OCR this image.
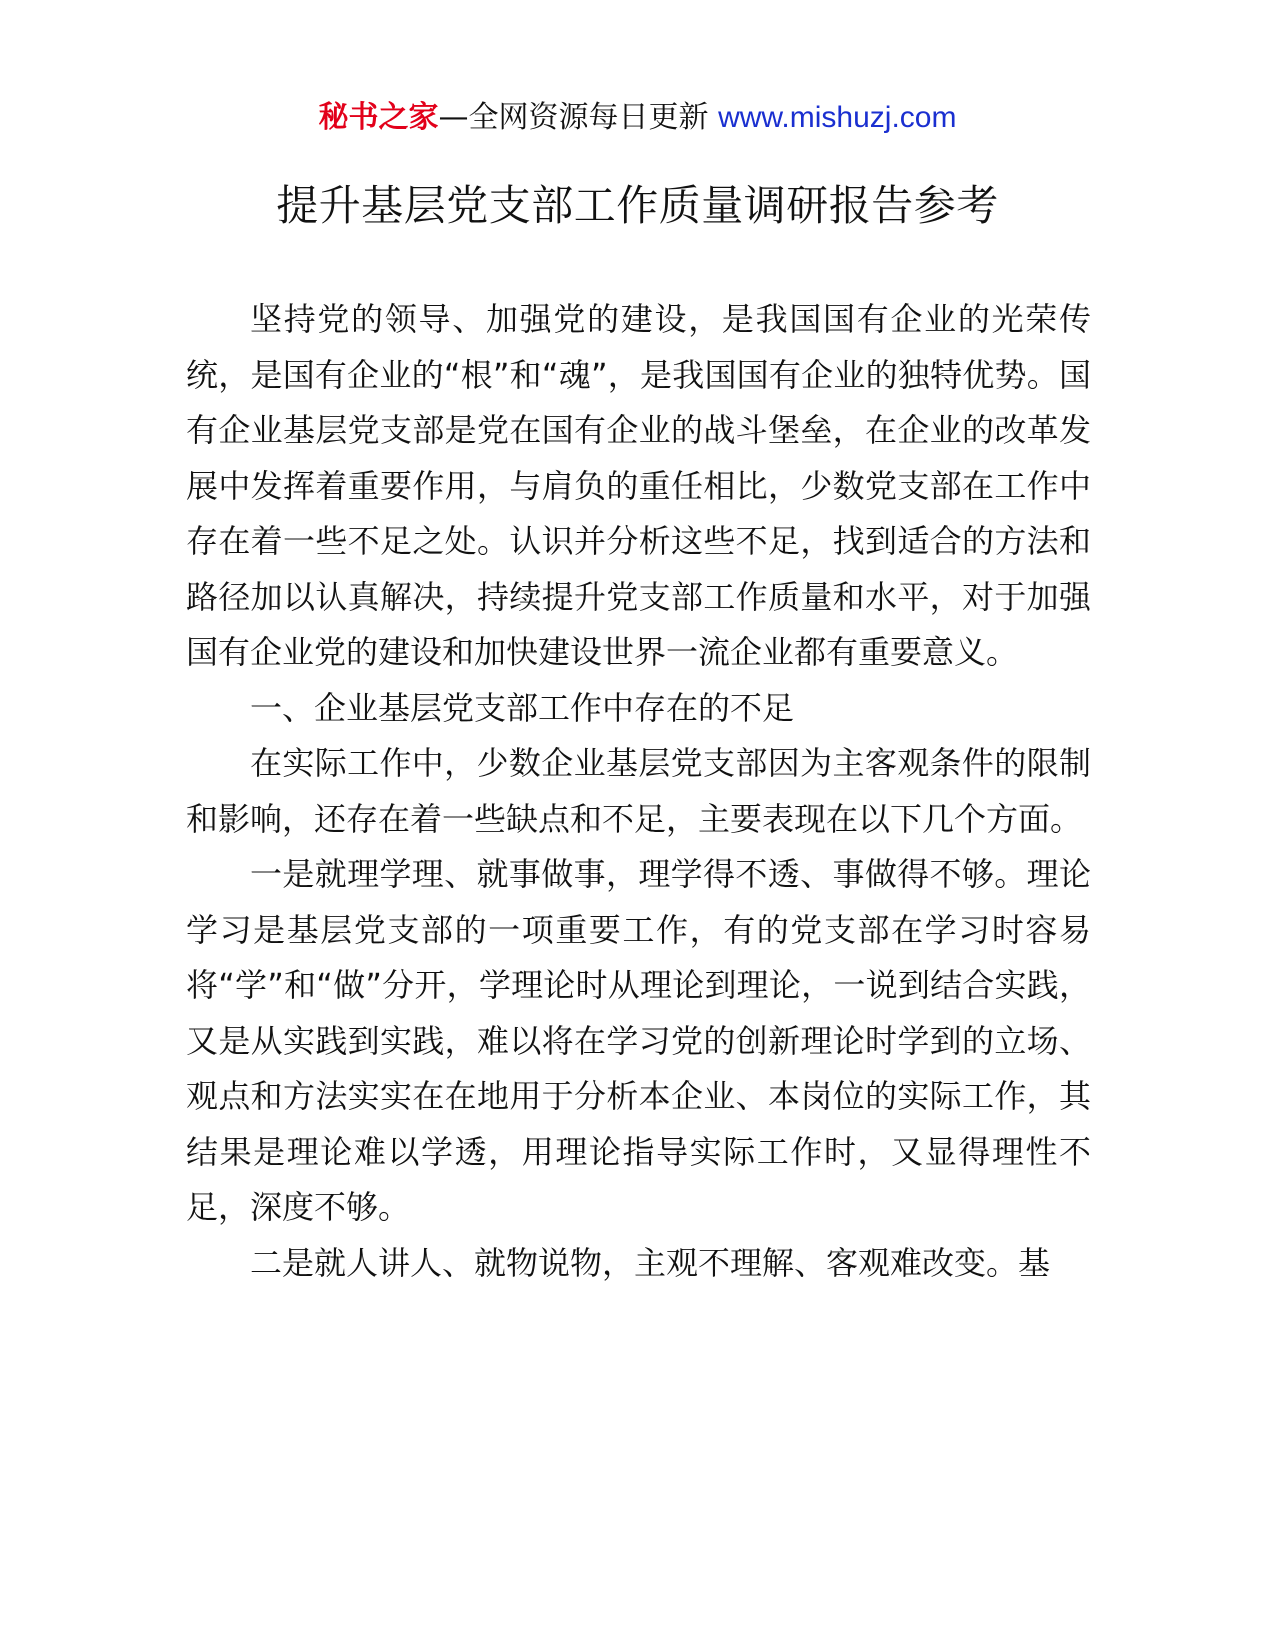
秘书之家—全网资源每日更新 www.mishuzj.com
提升基层党支部工作质量调研报告参考

坚持党的领导、加强党的建设，是我国国有企业的光荣传统，是国有企业的“根”和“魂”，是我国国有企业的独特优势。国有企业基层党支部是党在国有企业的战斗堡垒，在企业的改革发展中发挥着重要作用，与肩负的重任相比，少数党支部在工作中存在着一些不足之处。认识并分析这些不足，找到适合的方法和路径加以认真解决，持续提升党支部工作质量和水平，对于加强国有企业党的建设和加快建设世界一流企业都有重要意义。

一、企业基层党支部工作中存在的不足

在实际工作中，少数企业基层党支部因为主客观条件的限制和影响，还存在着一些缺点和不足，主要表现在以下几个方面。

一是就理学理、就事做事，理学得不透、事做得不够。理论学习是基层党支部的一项重要工作，有的党支部在学习时容易将“学”和“做”分开，学理论时从理论到理论，一说到结合实践，又是从实践到实践，难以将在学习党的创新理论时学到的立场、观点和方法实实在在地用于分析本企业、本岗位的实际工作，其结果是理论难以学透，用理论指导实际工作时，又显得理性不足，深度不够。

二是就人讲人、就物说物，主观不理解、客观难改变。基
